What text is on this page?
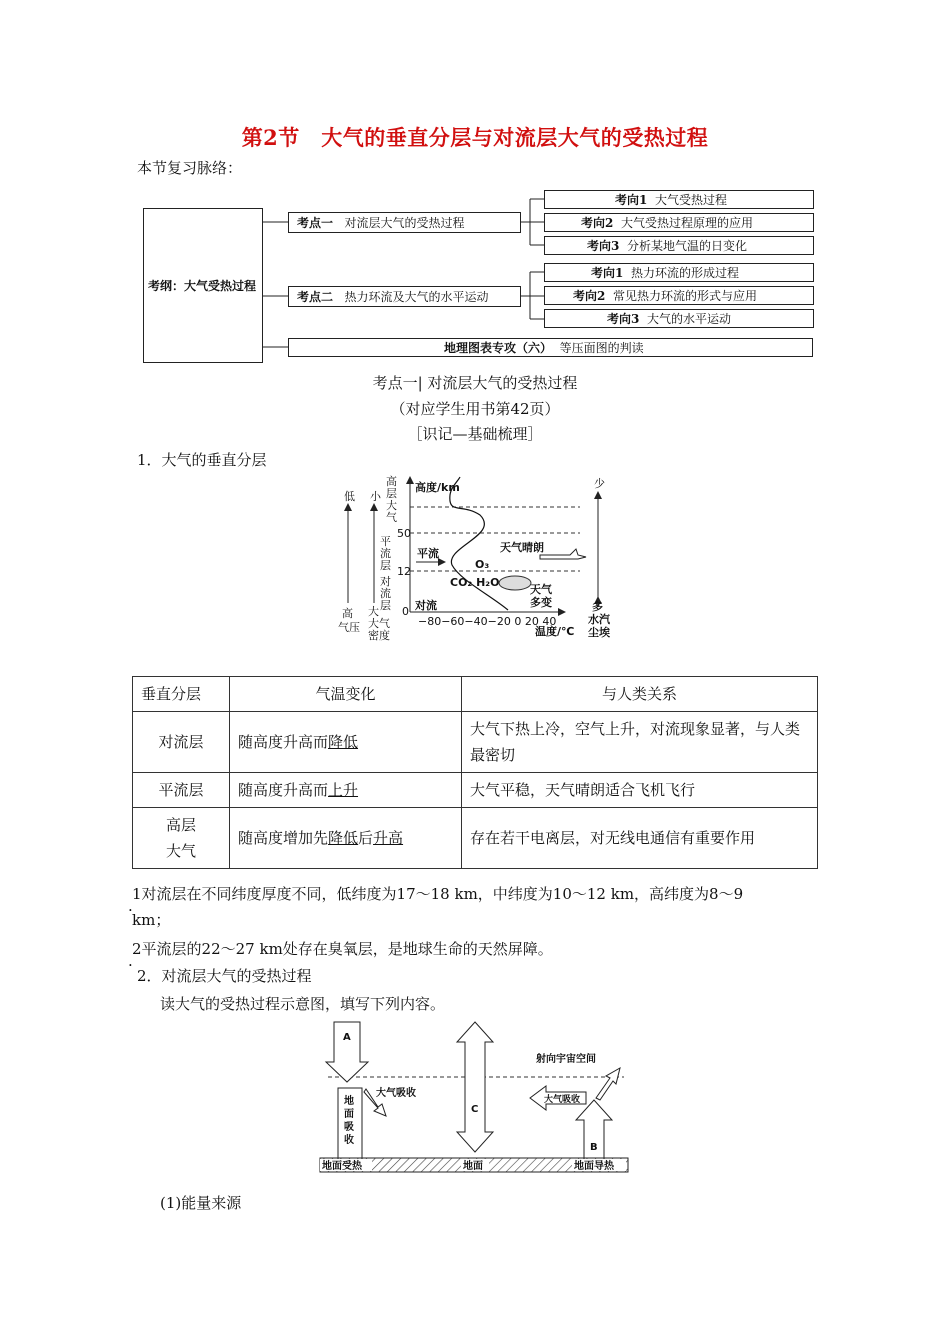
第2节　大气的垂直分层与对流层大气的受热过程
本节复习脉络：
考纲：大气受热过程
考点一
对流层大气的受热过程
考点二
热力环流及大气的水平运动
地理图表专攻（六）
等压面图的判读
考向1
大气受热过程
考向2
大气受热过程原理的应用
考向3
分析某地气温的日变化
考向1
热力环流的形成过程
考向2
常见热力环流的形式与应用
考向3
大气的水平运动
考点一| 对流层大气的受热过程
（对应学生用书第42页）
［识记—基础梳理］
1．大气的垂直分层
低
高
气压
小
大
大气
密度
高
层
大
气
平
流
层
对
流
层
高度/km
50
12
0
−80−60−40−20 0 20 40
温度/℃
平流
对流
天气晴朗
O₃
CO₂ H₂O
天气
多变
少
多
水汽
尘埃
垂直分层	气温变化	与人类关系
对流层	随高度升高而降低	大气下热上冷，空气上升，对流现象显著，与人类最密切
平流层	随高度升高而上升	大气平稳，天气晴朗适合飞机飞行
高层
大气	随高度增加先降低后升高	存在若干电离层，对无线电通信有重要作用
.
1对流层在不同纬度厚度不同，低纬度为17～18 km，中纬度为10～12 km，高纬度为8～9
km；
.
2平流层的22～27 km处存在臭氧层，是地球生命的天然屏障。
2．对流层大气的受热过程
读大气的受热过程示意图，填写下列内容。
A
地
面
吸
收
大气吸收
C
B
大气吸收
射向宇宙空间
地面受热	地面	地面导热
(1)能量来源
